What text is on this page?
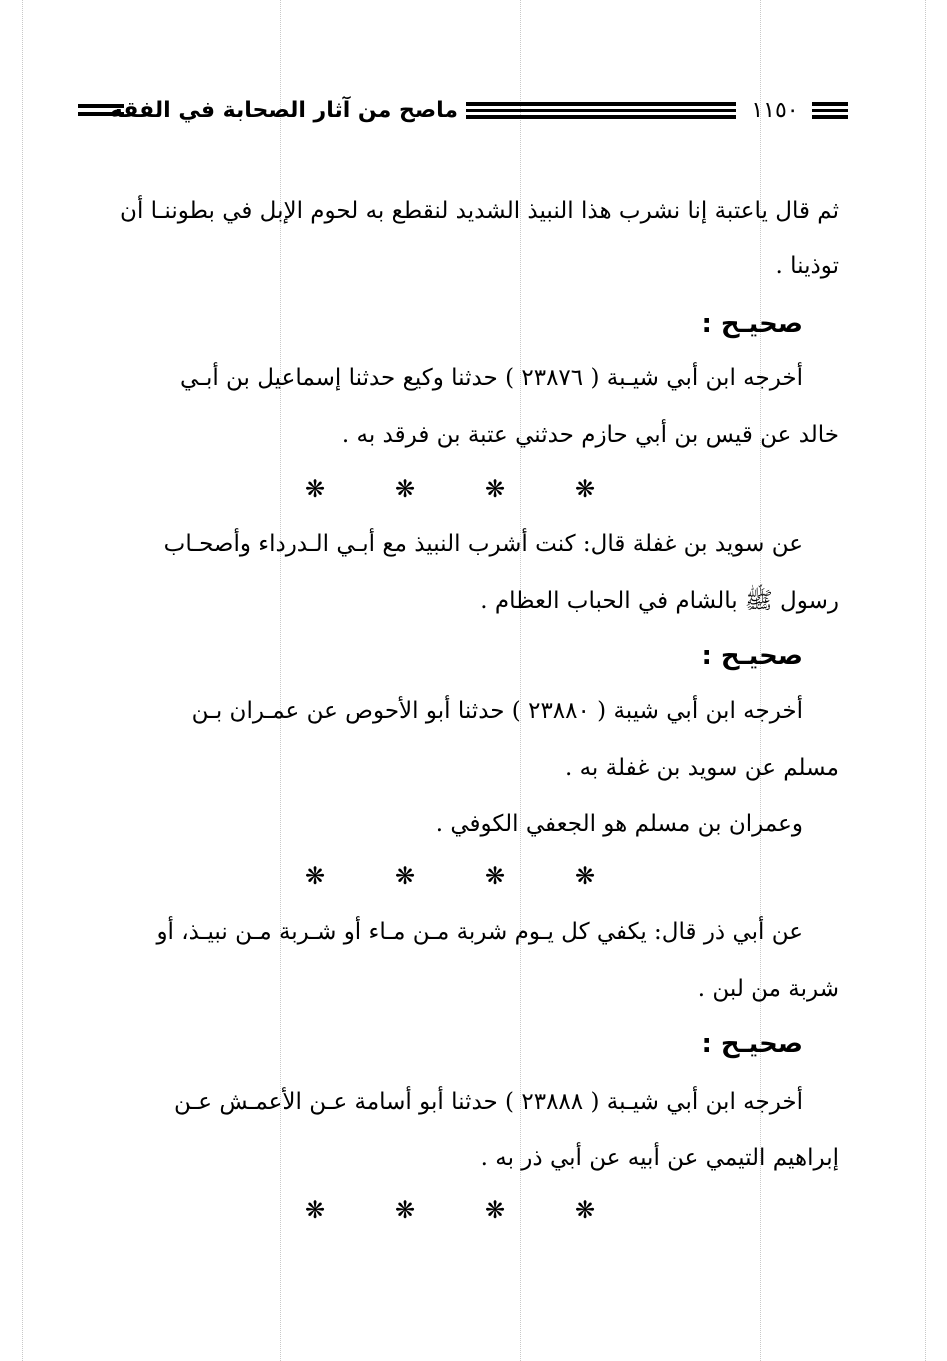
ماصح من آثار الصحابة في الفقه	١١٥٠
ثم قال ياعتبة إنا نشرب هذا النبيذ الشديد لنقطع به لحوم الإبل في بطوننـا أن
توذينا .
صحيـح :
أخرجه ابن أبي شيـبة ( ٢٣٨٧٦ ) حدثنا وكيع حدثنا إسماعيل بن أبـي
خالد عن قيس بن أبي حازم حدثني عتبة بن فرقد به .
❋	❋	❋	❋
عن سويد بن غفلة قال: كنت أشرب النبيذ مع أبـي الـدرداء وأصحـاب
رسول ﷺ بالشام في الحباب العظام .
صحيـح :
أخرجه ابن أبي شيبة ( ٢٣٨٨٠ ) حدثنا أبو الأحوص عن عمـران بـن
مسلم عن سويد بن غفلة به .
وعمران بن مسلم هو الجعفي الكوفي .
❋	❋	❋	❋
عن أبي ذر قال: يكفي كل يـوم شربة مـن مـاء أو شـربة مـن نبيـذ، أو
شربة من لبن .
صحيـح :
أخرجه ابن أبي شيـبة ( ٢٣٨٨٨ ) حدثنا أبو أسامة عـن الأعمـش عـن
إبراهيم التيمي عن أبيه عن أبي ذر به .
❋	❋	❋	❋
